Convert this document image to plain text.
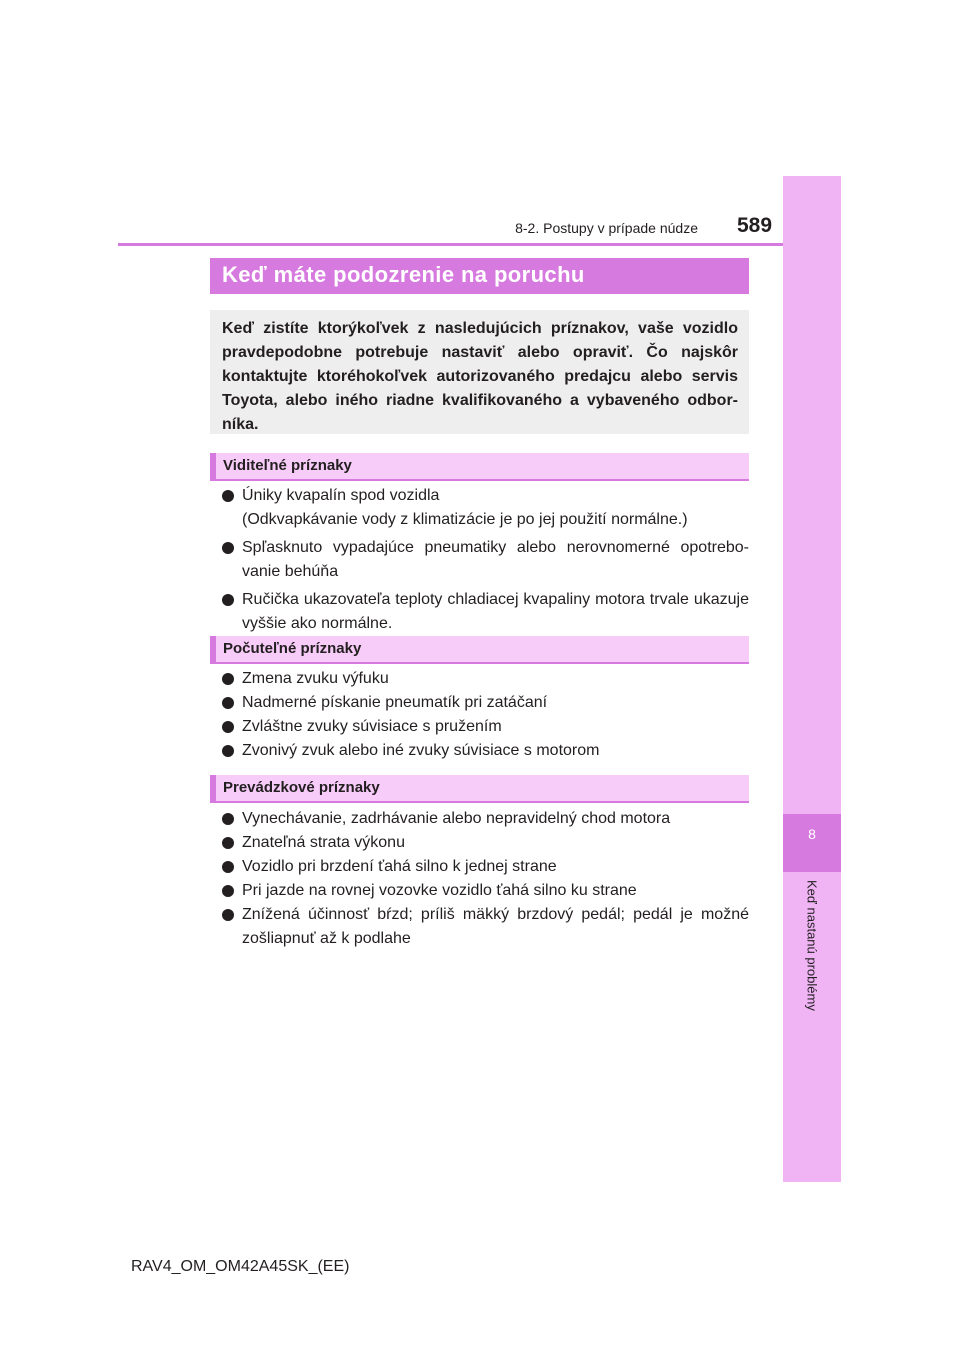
8
Keď nastanú problémy
8-2. Postupy v prípade núdze 589
Keď máte podozrenie na poruchu

Keď zistíte ktorýkoľvek z nasledujúcich príznakov, vaše vozidlo pravdepodobne potrebuje nastaviť alebo opraviť. Čo najskôr kontaktujte ktoréhokoľvek autorizovaného predajcu alebo servis Toyota, alebo iného riadne kvalifikovaného a vybaveného odborníka.

Viditeľné príznaky
Úniky kvapalín spod vozidla
(Odkvapkávanie vody z klimatizácie je po jej použití normálne.)
Spľasknuto vypadajúce pneumatiky alebo nerovnomerné opotrebovanie behúňa
Ručička ukazovateľa teploty chladiacej kvapaliny motora trvale ukazuje vyššie ako normálne.
Počuteľné príznaky
Zmena zvuku výfuku
Nadmerné pískanie pneumatík pri zatáčaní
Zvláštne zvuky súvisiace s pružením
Zvonivý zvuk alebo iné zvuky súvisiace s motorom
Prevádzkové príznaky
Vynechávanie, zadrhávanie alebo nepravidelný chod motora
Znateľná strata výkonu
Vozidlo pri brzdení ťahá silno k jednej strane
Pri jazde na rovnej vozovke vozidlo ťahá silno ku strane
Znížená účinnosť bŕzd; príliš mäkký brzdový pedál; pedál je možné zošliapnuť až k podlahe
RAV4_OM_OM42A45SK_(EE)
